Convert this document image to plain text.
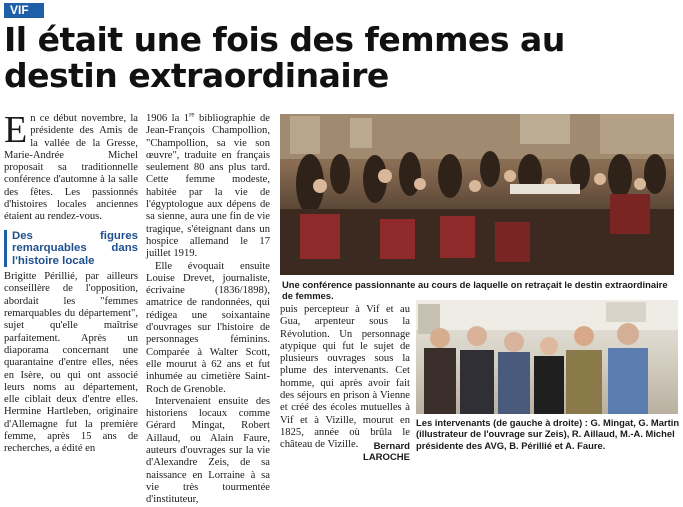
VIF
Il était une fois des femmes au destin extraordinaire

En ce début novembre, la présidente des Amis de la vallée de la Gresse, Marie-Andrée Michel proposait sa traditionnelle conférence d'automne à la salle des fêtes. Les passionnés d'histoires locales anciennes étaient au rendez-vous.

Des figures remarquables dans l'histoire locale

Brigitte Périllié, par ailleurs conseillère de l'opposition, abordait les "femmes remarquables du département", sujet qu'elle maîtrise parfaitement. Après un diaporama concernant une quarantaine d'entre elles, nées en Isère, ou qui ont associé leurs noms au département, elle ciblait deux d'entre elles. Hermine Hartleben, originaire d'Allemagne fut la première femme, après 15 ans de recherches, a édité en

1906 la 1re bibliographie de Jean-François Champollion, "Champollion, sa vie son œuvre", traduite en français seulement 80 ans plus tard. Cette femme modeste, habitée par la vie de l'égyptologue aux dépens de sa sienne, aura une fin de vie tragique, s'éteignant dans un hospice allemand le 17 juillet 1919.

Elle évoquait ensuite Louise Drevet, journaliste, écrivaine (1836/1898), amatrice de randonnées, qui rédigea une soixantaine d'ouvrages sur l'histoire de personnages féminins. Comparée à Walter Scott, elle mourut à 62 ans et fut inhumée au cimetière Saint-Roch de Grenoble.

Intervenaient ensuite des historiens locaux comme Gérard Mingat, Robert Aillaud, ou Alain Faure, auteurs d'ouvrages sur la vie d'Alexandre Zeis, de sa naissance en Lorraine à sa vie très tourmentée d'instituteur,

Une conférence passionnante au cours de laquelle on retraçait le destin extraordinaire de femmes.

puis percepteur à Vif et au Gua, arpenteur sous la Révolution. Un personnage atypique qui fut le sujet de plusieurs ouvrages sous la plume des intervenants. Cet homme, qui après avoir fait des séjours en prison à Vienne et créé des écoles mutuelles à Vif et à Vizille, mourut en 1825, année où brûla le château de Vizille.	Bernard LAROCHE
Les intervenants (de gauche à droite) : G. Mingat, G. Martin (illustrateur de l'ouvrage sur Zeis), R. Aillaud, M.-A. Michel présidente des AVG, B. Périllié et A. Faure.
